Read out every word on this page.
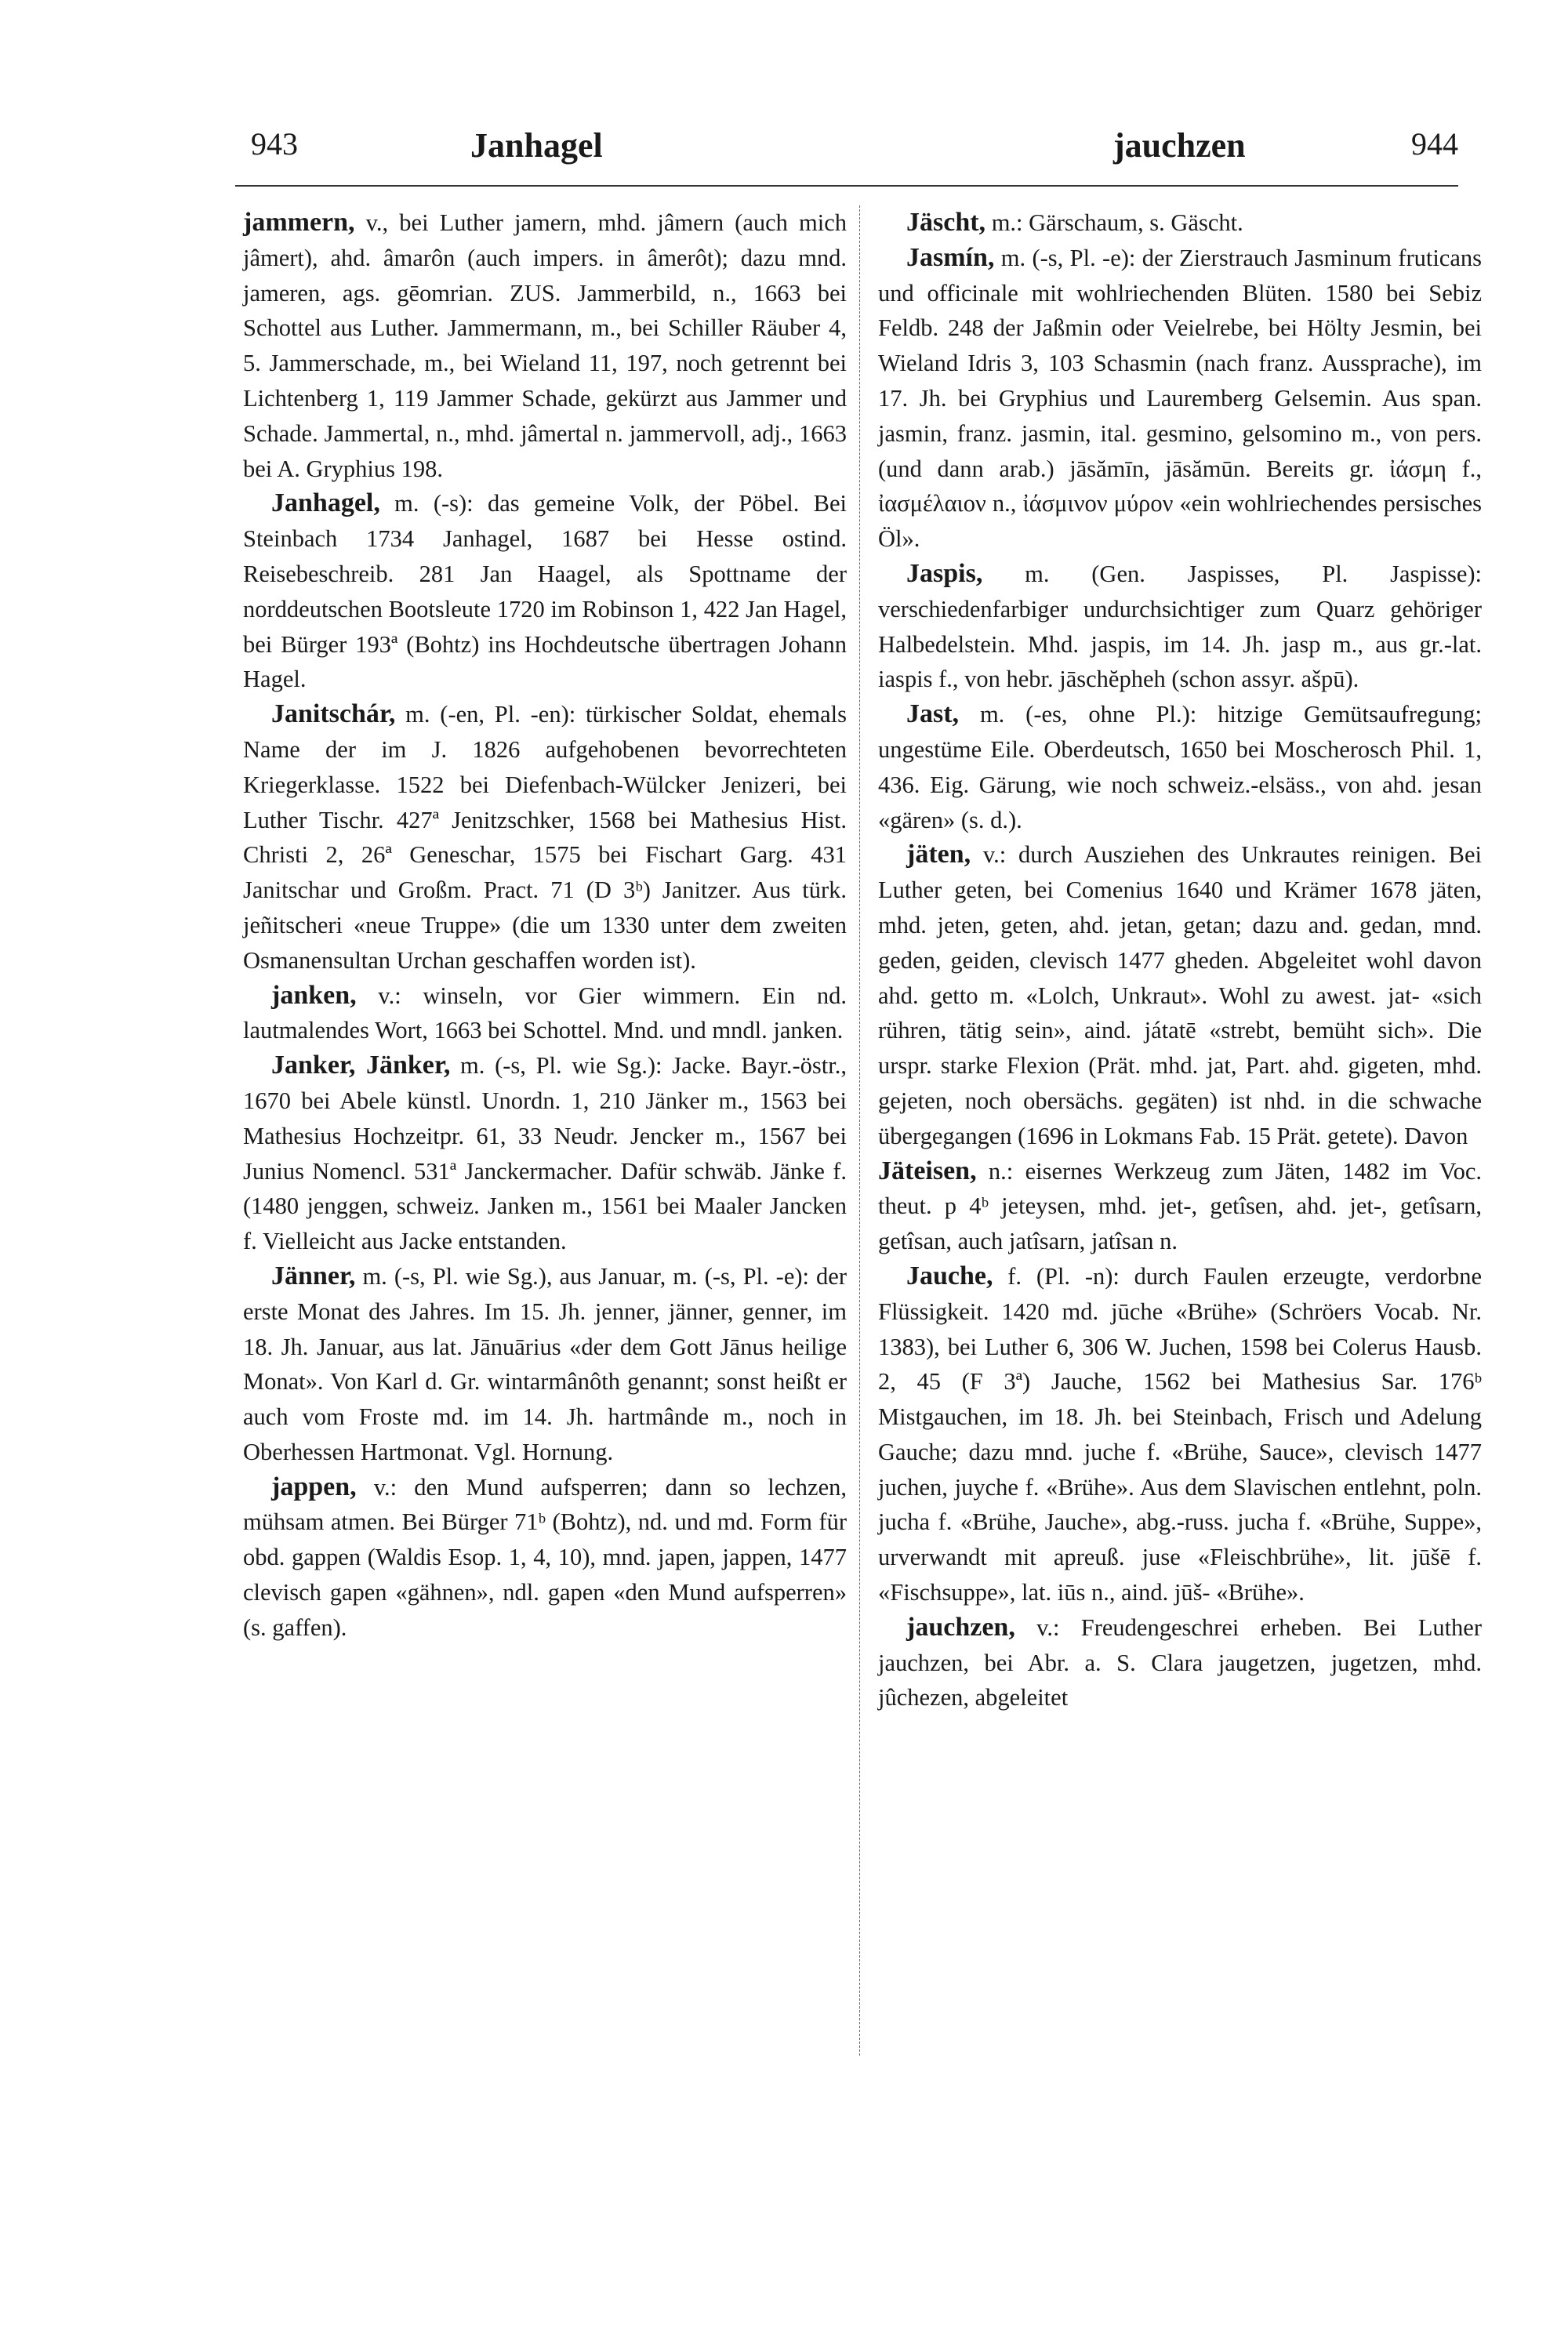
943	Janhagel	jauchzen	944

jammern, v., bei Luther jamern, mhd. jâmern (auch mich jâmert), ahd. âmarôn (auch impers. in âmerôt); dazu mnd. jameren, ags. gēomrian. ZUS. Jammerbild, n., 1663 bei Schottel aus Luther. Jammermann, m., bei Schiller Räuber 4, 5. Jammerschade, m., bei Wieland 11, 197, noch getrennt bei Lichtenberg 1, 119 Jammer Schade, gekürzt aus Jammer und Schade. Jammertal, n., mhd. jâmertal n. jammervoll, adj., 1663 bei A. Gryphius 198.

Janhagel, m. (-s): das gemeine Volk, der Pöbel. Bei Steinbach 1734 Janhagel, 1687 bei Hesse ostind. Reisebeschreib. 281 Jan Haagel, als Spottname der norddeutschen Bootsleute 1720 im Robinson 1, 422 Jan Hagel, bei Bürger 193ª (Bohtz) ins Hochdeutsche übertragen Johann Hagel.

Janitschár, m. (-en, Pl. -en): türkischer Soldat, ehemals Name der im J. 1826 aufgehobenen bevorrechteten Kriegerklasse. 1522 bei Diefenbach-Wülcker Jenizeri, bei Luther Tischr. 427ª Jenitzschker, 1568 bei Mathesius Hist. Christi 2, 26ª Geneschar, 1575 bei Fischart Garg. 431 Janitschar und Großm. Pract. 71 (D 3ᵇ) Janitzer. Aus türk. jeñitscheri «neue Truppe» (die um 1330 unter dem zweiten Osmanensultan Urchan geschaffen worden ist).

janken, v.: winseln, vor Gier wimmern. Ein nd. lautmalendes Wort, 1663 bei Schottel. Mnd. und mndl. janken.

Janker, Jänker, m. (-s, Pl. wie Sg.): Jacke. Bayr.-östr., 1670 bei Abele künstl. Unordn. 1, 210 Jänker m., 1563 bei Mathesius Hochzeitpr. 61, 33 Neudr. Jencker m., 1567 bei Junius Nomencl. 531ª Janckermacher. Dafür schwäb. Jänke f. (1480 jenggen, schweiz. Janken m., 1561 bei Maaler Jancken f. Vielleicht aus Jacke entstanden.

Jänner, m. (-s, Pl. wie Sg.), aus Januar, m. (-s, Pl. -e): der erste Monat des Jahres. Im 15. Jh. jenner, jänner, genner, im 18. Jh. Januar, aus lat. Jānuārius «der dem Gott Jānus heilige Monat». Von Karl d. Gr. wintarmânôth genannt; sonst heißt er auch vom Froste md. im 14. Jh. hartmânde m., noch in Oberhessen Hartmonat. Vgl. Hornung.

jappen, v.: den Mund aufsperren; dann so lechzen, mühsam atmen. Bei Bürger 71ᵇ (Bohtz), nd. und md. Form für obd. gappen (Waldis Esop. 1, 4, 10), mnd. japen, jappen, 1477 clevisch gapen «gähnen», ndl. gapen «den Mund aufsperren» (s. gaffen).

Jäscht, m.: Gärschaum, s. Gäscht.

Jasmín, m. (-s, Pl. -e): der Zierstrauch Jasminum fruticans und officinale mit wohlriechenden Blüten. 1580 bei Sebiz Feldb. 248 der Jaßmin oder Veielrebe, bei Hölty Jesmin, bei Wieland Idris 3, 103 Schasmin (nach franz. Aussprache), im 17. Jh. bei Gryphius und Lauremberg Gelsemin. Aus span. jasmin, franz. jasmin, ital. gesmino, gelsomino m., von pers. (und dann arab.) jāsămīn, jāsămūn. Bereits gr. ἰάσμη f., ἰασμέλαιον n., ἰάσμινον μύρον «ein wohlriechendes persisches Öl».

Jaspis, m. (Gen. Jaspisses, Pl. Jaspisse): verschiedenfarbiger undurchsichtiger zum Quarz gehöriger Halbedelstein. Mhd. jaspis, im 14. Jh. jasp m., aus gr.-lat. iaspis f., von hebr. jāschĕpheh (schon assyr. ašpū).

Jast, m. (-es, ohne Pl.): hitzige Gemütsaufregung; ungestüme Eile. Oberdeutsch, 1650 bei Moscherosch Phil. 1, 436. Eig. Gärung, wie noch schweiz.-elsäss., von ahd. jesan «gären» (s. d.).

jäten, v.: durch Ausziehen des Unkrautes reinigen. Bei Luther geten, bei Comenius 1640 und Krämer 1678 jäten, mhd. jeten, geten, ahd. jetan, getan; dazu and. gedan, mnd. geden, geiden, clevisch 1477 gheden. Abgeleitet wohl davon ahd. getto m. «Lolch, Unkraut». Wohl zu awest. jat- «sich rühren, tätig sein», aind. játatē «strebt, bemüht sich». Die urspr. starke Flexion (Prät. mhd. jat, Part. ahd. gigeten, mhd. gejeten, noch obersächs. gegäten) ist nhd. in die schwache übergegangen (1696 in Lokmans Fab. 15 Prät. getete). Davon

Jäteisen, n.: eisernes Werkzeug zum Jäten, 1482 im Voc. theut. p 4ᵇ jeteysen, mhd. jet-, getîsen, ahd. jet-, getîsarn, getîsan, auch jatîsarn, jatîsan n.

Jauche, f. (Pl. -n): durch Faulen erzeugte, verdorbne Flüssigkeit. 1420 md. jūche «Brühe» (Schröers Vocab. Nr. 1383), bei Luther 6, 306 W. Juchen, 1598 bei Colerus Hausb. 2, 45 (F 3ª) Jauche, 1562 bei Mathesius Sar. 176ᵇ Mistgauchen, im 18. Jh. bei Steinbach, Frisch und Adelung Gauche; dazu mnd. juche f. «Brühe, Sauce», clevisch 1477 juchen, juyche f. «Brühe». Aus dem Slavischen entlehnt, poln. jucha f. «Brühe, Jauche», abg.-russ. jucha f. «Brühe, Suppe», urverwandt mit apreuß. juse «Fleischbrühe», lit. jūšē f. «Fischsuppe», lat. iūs n., aind. jūš- «Brühe».

jauchzen, v.: Freudengeschrei erheben. Bei Luther jauchzen, bei Abr. a. S. Clara jaugetzen, jugetzen, mhd. jûchezen, abgeleitet
